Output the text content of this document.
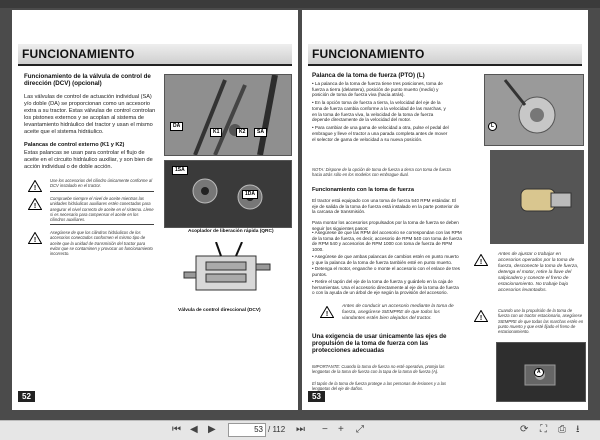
FUNCIONAMIENTO
Funcionamiento de la válvula de control de dirección (DCV) (opcional)
Las válvulas de control de actuación individual (SA) y/o doble (DA) se proporcionan como un accesorio extra a su tractor. Estas válvulas de control controlan los pistones externos y se acoplan al sistema de levantamiento hidráulico del tractor y usan el mismo aceite que el sistema hidráulico.
Palancas de control externo (K1 y K2)
Estas palancas se usan para controlar el flujo de aceite en el circuito hidráulico auxiliar, y son bien de acción individual o de doble acción.
!
Use los accesorios del cilindro únicamente conforme al DCV instalado en el tractor.
!
Compruebe siempre el nivel de aceite mientras las unidades hidráulicas auxiliares estén conectadas para asegurar el nivel correcto de aceite en el sistema. Llene si es necesario para compensar el aceite en los cilindros auxiliares.
!
Asegúrese de que los cilindros hidráulicos de los accesorios conectados conformen el mismo tipo de aceite que la unidad de transmisión del tractor para evitar que se contaminen y provocar un funcionamiento incorrecto.
DA
K1	K2	SA
1SA
1DA
Acoplador de liberación rápida (QRC)
Válvula de control direccional (DCV)
52
FUNCIONAMIENTO
Palanca de la toma de fuerza (PTO) (L)
• La palanca de la toma de fuerza tiene tres posiciones, toma de fuerza a tierra (delantera), posición de punto muerto (medio) y posición de toma de fuerza viva (hacia atrás).
• En la opción toma de fuerza a tierra, la velocidad del eje de la toma de fuerza cambia conforme a la velocidad de las marchas, y en la toma de fuerza viva, la velocidad de la toma de fuerza depende directamente de la velocidad del motor.
• Para cambiar de una gama de velocidad a otra, pulse el pedal del embrague y lleve el tractor a una parada completa antes de mover el selector de gama de velocidad a su nueva posición.
NOTA: Dispone de la opción de toma de fuerza a tierra con toma de fuerza hacia atrás sólo en los modelos con embrague dual.
Funcionamiento con la toma de fuerza
El tractor está equipado con una toma de fuerza 540 RPM estándar. El eje de salida de la toma de fuerza está instalado en la parte posterior de la carcasa de transmisión.
Para montar los accesorios propulsados por la toma de fuerza se deben seguir los siguientes pasos:
• Asegúrese de que las RPM del accesorio se correspondan con las RPM de la toma de fuerza, es decir, accesorio de RPM 540 con toma de fuerza de RPM 540 y accesorios de RPM 1000 con toma de fuerza de RPM 1000.
• Asegúrese de que ambas palancas de cambios estén en punto muerto y que la palanca de la toma de fuerza también esté en punto muerto.
• Detenga el motor, enganche o monte el accesorio con el enlace de tres puntos.
• Retire el tapón del eje de la toma de fuerza y guárdelo en la caja de herramientas. Una el accesorio directamente al eje de la toma de fuerza o con la ayuda de un árbol de eje según la provisión del accesorio.
!
Antes de conducir un accesorio mediante la toma de fuerza, asegúrese SIEMPRE de que todos los viandantes estén bien alejados del tractor.
Una exigencia de usar únicamente las ejes de propulsión de la toma de fuerza con las protecciones adecuadas
IMPORTANTE: Cuando la toma de fuerza no esté operativa, proteja las lengüetas de la toma de fuerza con la tapa de la toma de fuerza (A).
El tapón de la toma de fuerza protege a las personas de lesiones y a las lengüetas del eje de daños.
L
!
Antes de ajustar o trabajar en accesorios operados por la toma de fuerza, desconecte la toma de fuerza, detenga el motor, retire la llave del salpicadero y conecte el freno de estacionamiento. No trabaje bajo accesorios levantados.
!
Cuando use la propulsión de la toma de fuerza con un tractor estacionario, asegúrese SIEMPRE de que todas las marchas estén en punto muerto y que esté fijado el freno de estacionamiento.
A
53
⏮ ◀ ▶	53 / 112 ⏭ − + ⤢	⟳ ⛶ ⎙ ⭳
